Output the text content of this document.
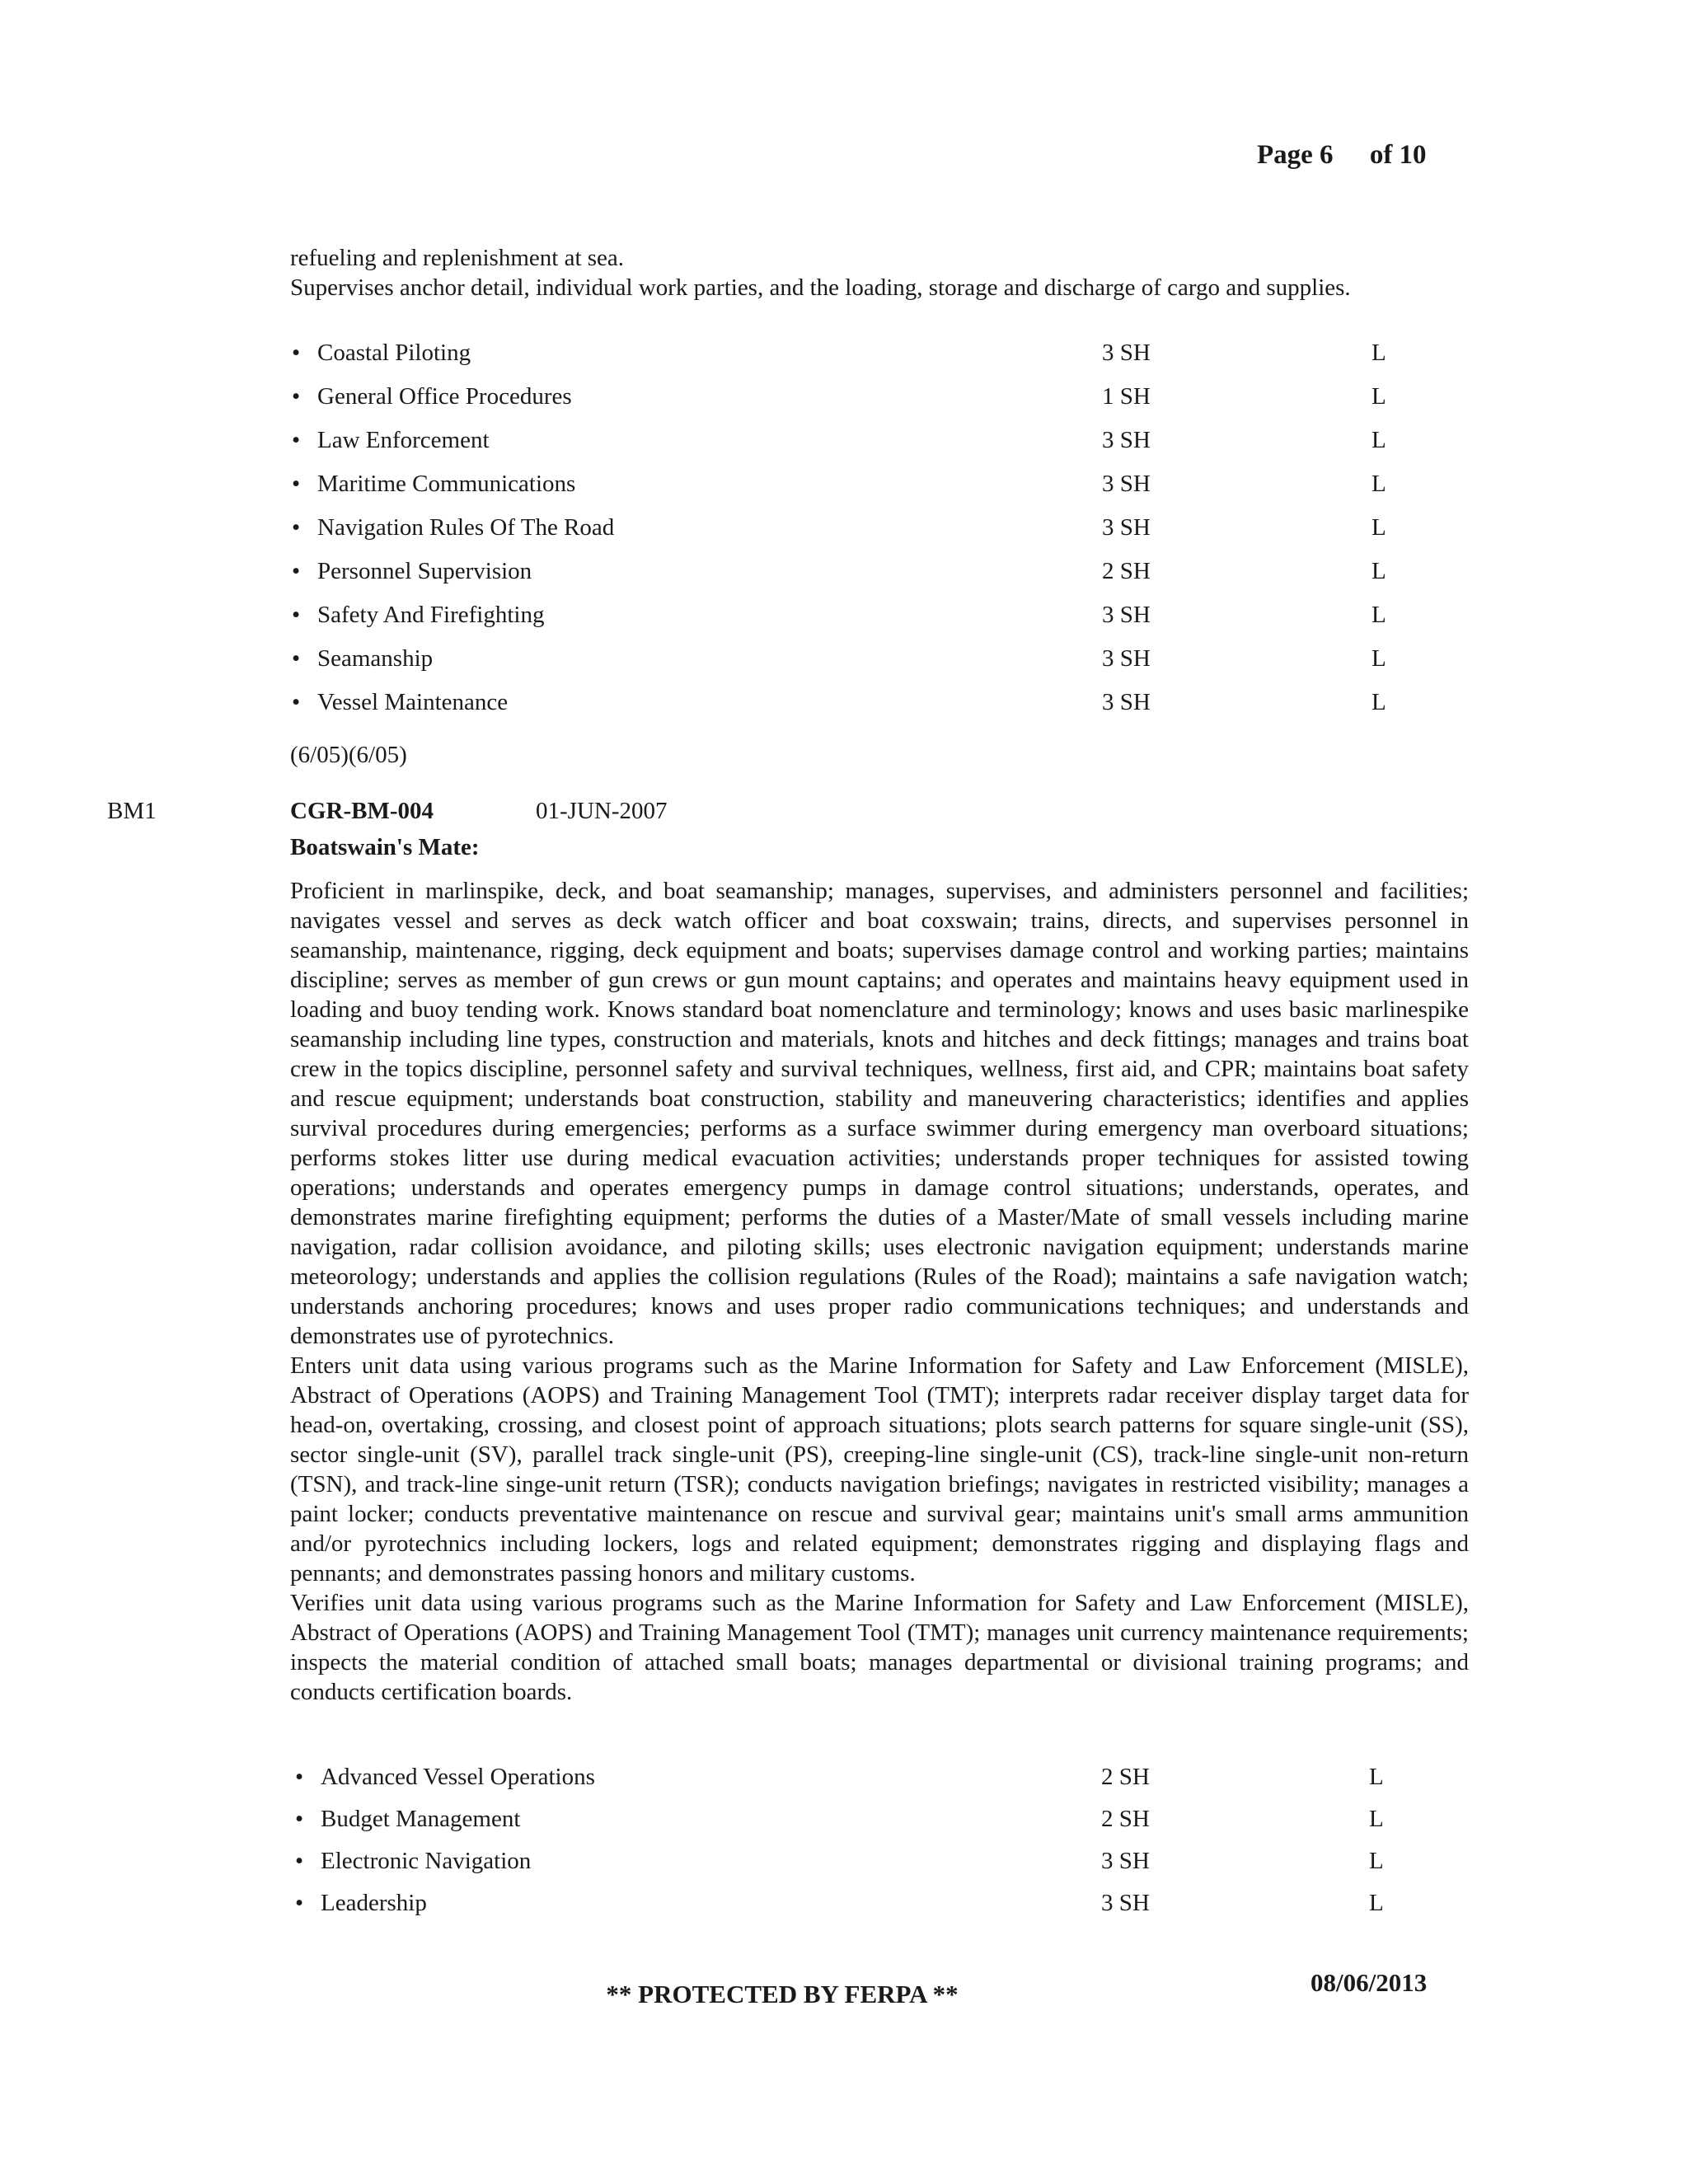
Page 6 of 10
refueling and replenishment at sea.
Supervises anchor detail, individual work parties, and the loading, storage and discharge of cargo and supplies.
• Coastal Piloting	3 SH	L
• General Office Procedures	1 SH	L
• Law Enforcement	3 SH	L
• Maritime Communications	3 SH	L
• Navigation Rules Of The Road	3 SH	L
• Personnel Supervision	2 SH	L
• Safety And Firefighting	3 SH	L
• Seamanship	3 SH	L
• Vessel Maintenance	3 SH	L
(6/05)(6/05)
BM1	CGR-BM-004	01-JUN-2007
Boatswain's Mate:

Proficient in marlinspike, deck, and boat seamanship; manages, supervises, and administers personnel and facilities; navigates vessel and serves as deck watch officer and boat coxswain; trains, directs, and supervises personnel in seamanship, maintenance, rigging, deck equipment and boats; supervises damage control and working parties; maintains discipline; serves as member of gun crews or gun mount captains; and operates and maintains heavy equipment used in loading and buoy tending work. Knows standard boat nomenclature and terminology; knows and uses basic marlinespike seamanship including line types, construction and materials, knots and hitches and deck fittings; manages and trains boat crew in the topics discipline, personnel safety and survival techniques, wellness, first aid, and CPR; maintains boat safety and rescue equipment; understands boat construction, stability and maneuvering characteristics; identifies and applies survival procedures during emergencies; performs as a surface swimmer during emergency man overboard situations; performs stokes litter use during medical evacuation activities; understands proper techniques for assisted towing operations; understands and operates emergency pumps in damage control situations; understands, operates, and demonstrates marine firefighting equipment; performs the duties of a Master/Mate of small vessels including marine navigation, radar collision avoidance, and piloting skills; uses electronic navigation equipment; understands marine meteorology; understands and applies the collision regulations (Rules of the Road); maintains a safe navigation watch; understands anchoring procedures; knows and uses proper radio communications techniques; and understands and demonstrates use of pyrotechnics.

Enters unit data using various programs such as the Marine Information for Safety and Law Enforcement (MISLE), Abstract of Operations (AOPS) and Training Management Tool (TMT); interprets radar receiver display target data for head-on, overtaking, crossing, and closest point of approach situations; plots search patterns for square single-unit (SS), sector single-unit (SV), parallel track single-unit (PS), creeping-line single-unit (CS), track-line single-unit non-return (TSN), and track-line singe-unit return (TSR); conducts navigation briefings; navigates in restricted visibility; manages a paint locker; conducts preventative maintenance on rescue and survival gear; maintains unit's small arms ammunition and/or pyrotechnics including lockers, logs and related equipment; demonstrates rigging and displaying flags and pennants; and demonstrates passing honors and military customs.

Verifies unit data using various programs such as the Marine Information for Safety and Law Enforcement (MISLE), Abstract of Operations (AOPS) and Training Management Tool (TMT); manages unit currency maintenance requirements; inspects the material condition of attached small boats; manages departmental or divisional training programs; and conducts certification boards.

• Advanced Vessel Operations	2 SH	L
• Budget Management	2 SH	L
• Electronic Navigation	3 SH	L
• Leadership	3 SH	L
** PROTECTED BY FERPA **	08/06/2013
